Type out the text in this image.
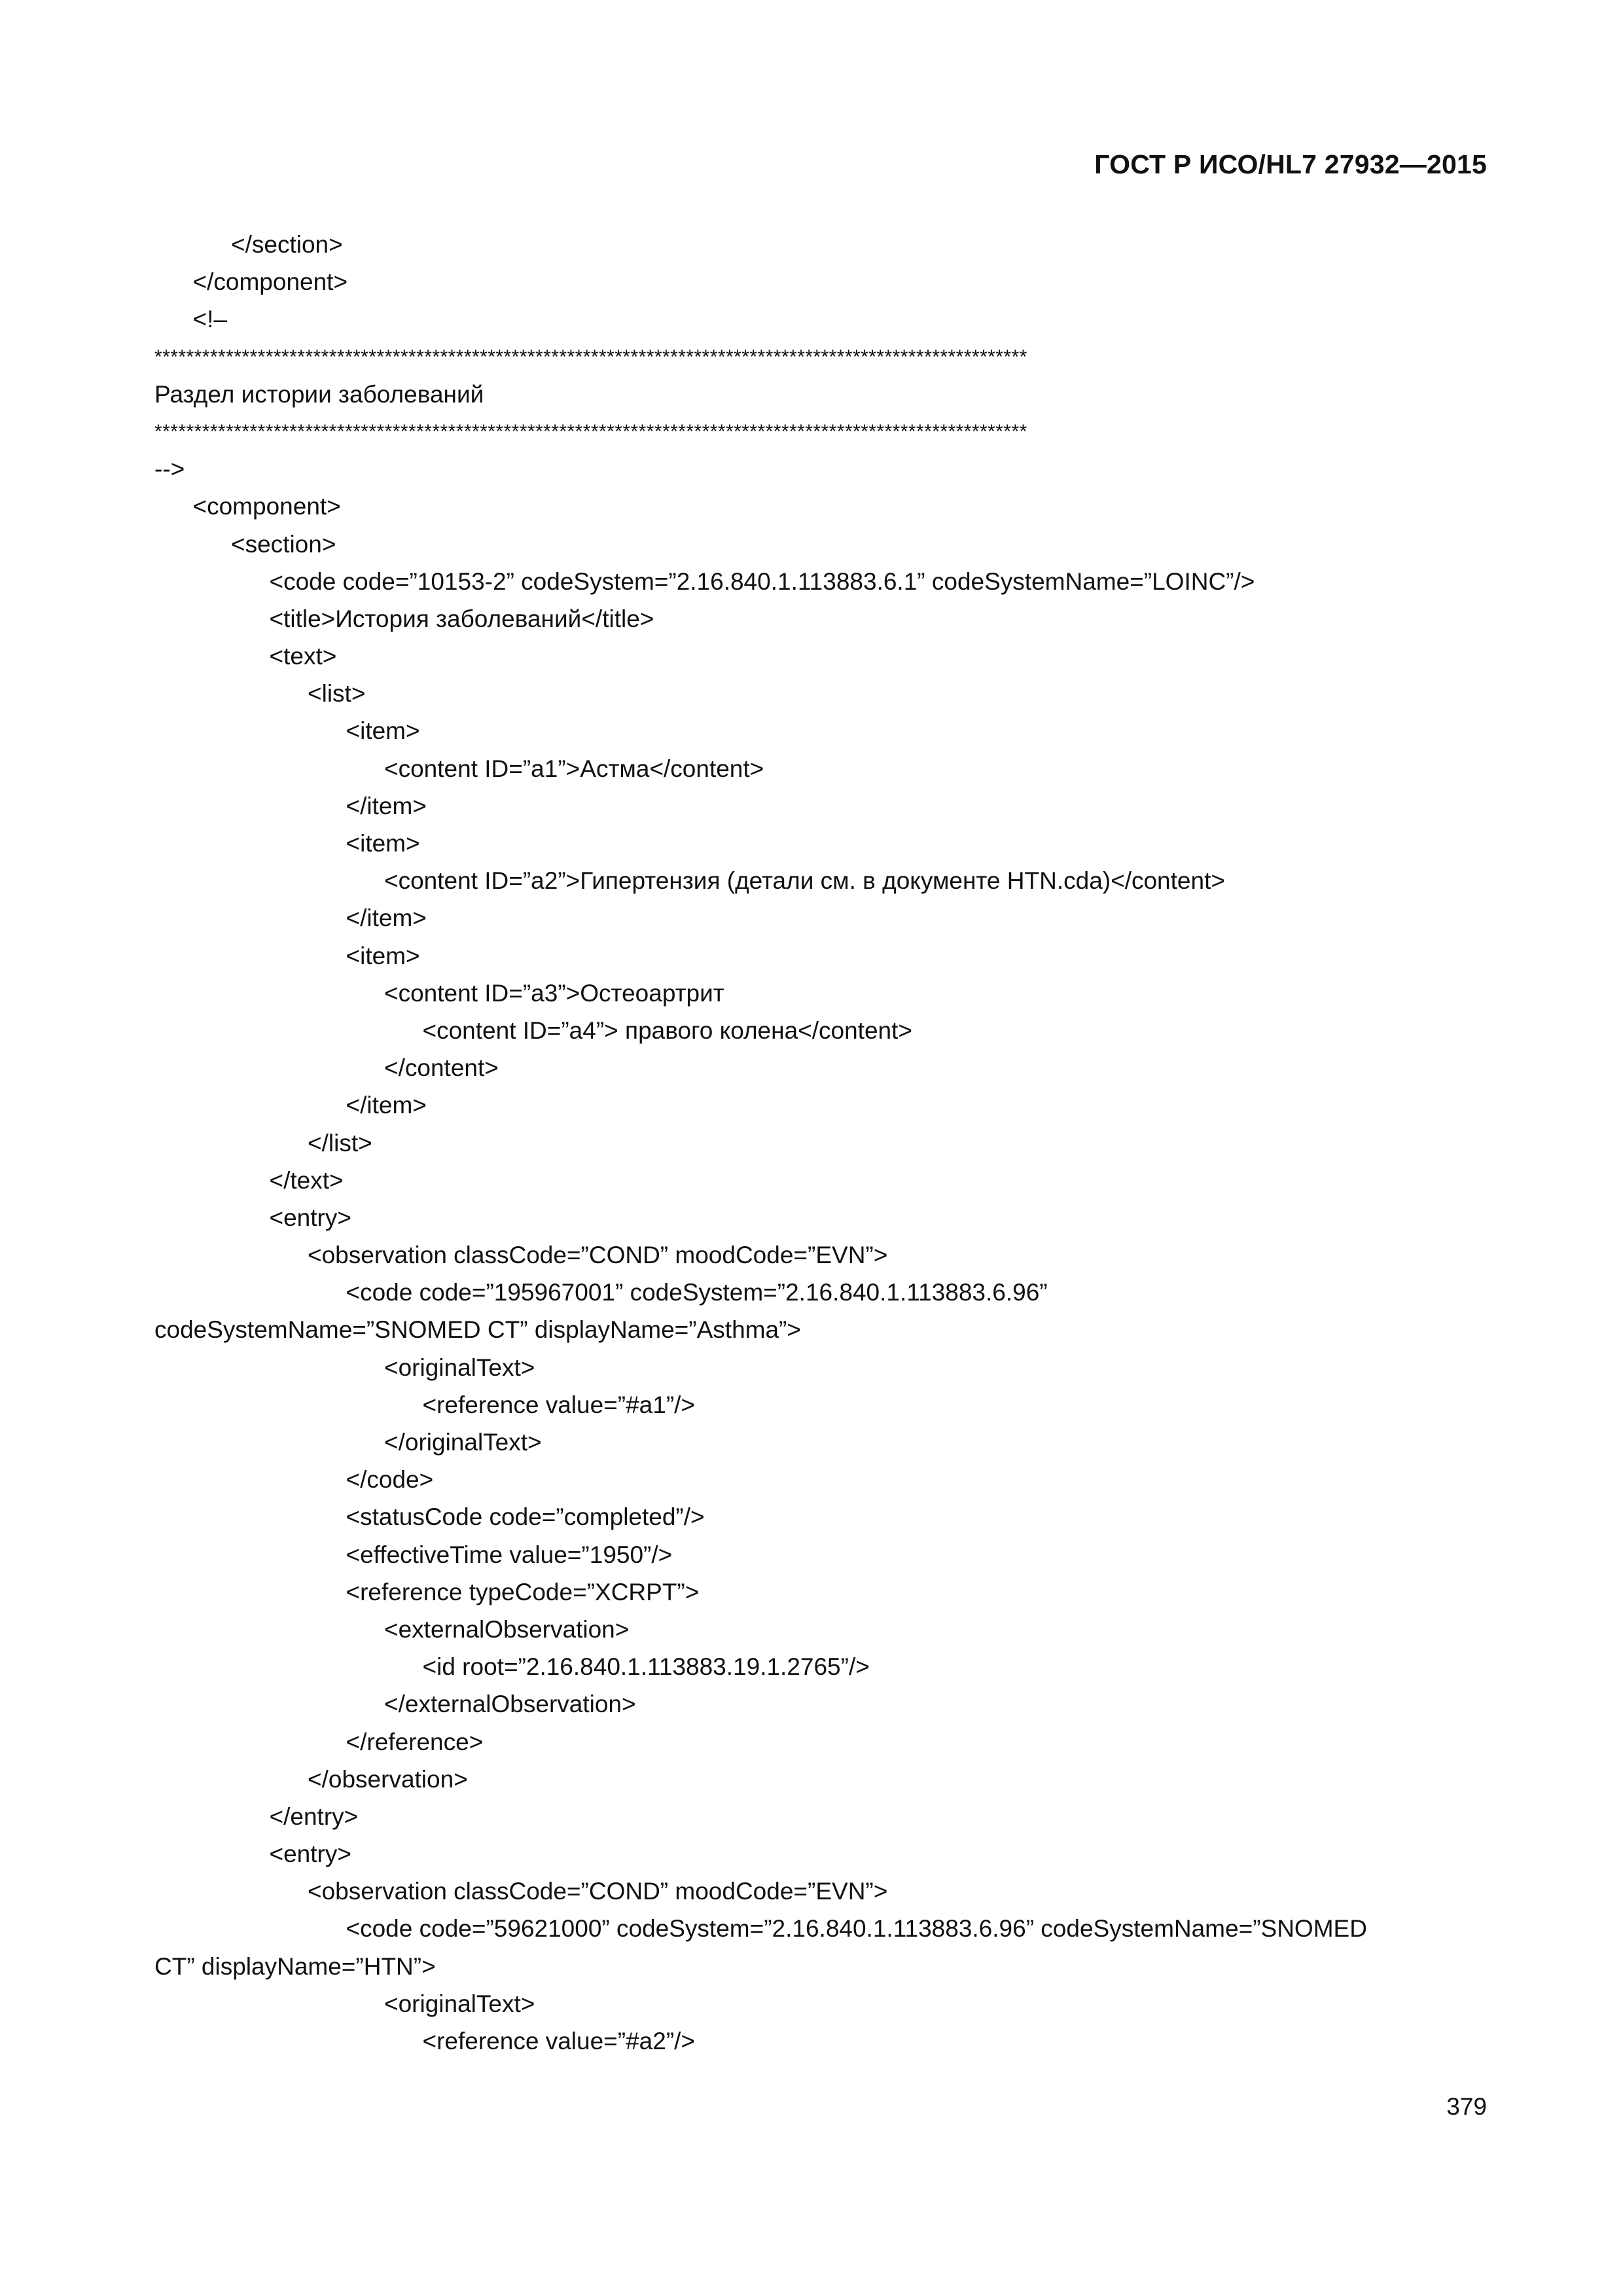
ГОСТ Р ИСО/HL7 27932—2015
</section>
</component>
<!–
**************************************************************************************************************
Раздел истории заболеваний
**************************************************************************************************************
-->
<component>
<section>
<code code=”10153-2” codeSystem=”2.16.840.1.113883.6.1” codeSystemName=”LOINC”/>
<title>История заболеваний</title>
<text>
<list>
<item>
<content ID=”a1”>Астма</content>
</item>
<item>
<content ID=”a2”>Гипертензия (детали см. в документе HTN.cda)</content>
</item>
<item>
<content ID=”a3”>Остеоартрит
<content ID=”a4”> правого колена</content>
</content>
</item>
</list>
</text>
<entry>
<observation classCode=”COND” moodCode=”EVN”>
<code code=”195967001” codeSystem=”2.16.840.1.113883.6.96”
codeSystemName=”SNOMED CT” displayName=”Asthma”>
<originalText>
<reference value=”#a1”/>
</originalText>
</code>
<statusCode code=”completed”/>
<effectiveTime value=”1950”/>
<reference typeCode=”XCRPT”>
<externalObservation>
<id root=”2.16.840.1.113883.19.1.2765”/>
</externalObservation>
</reference>
</observation>
</entry>
<entry>
<observation classCode=”COND” moodCode=”EVN”>
<code code=”59621000” codeSystem=”2.16.840.1.113883.6.96” codeSystemName=”SNOMED
CT” displayName=”HTN”>
<originalText>
<reference value=”#a2”/>
379
